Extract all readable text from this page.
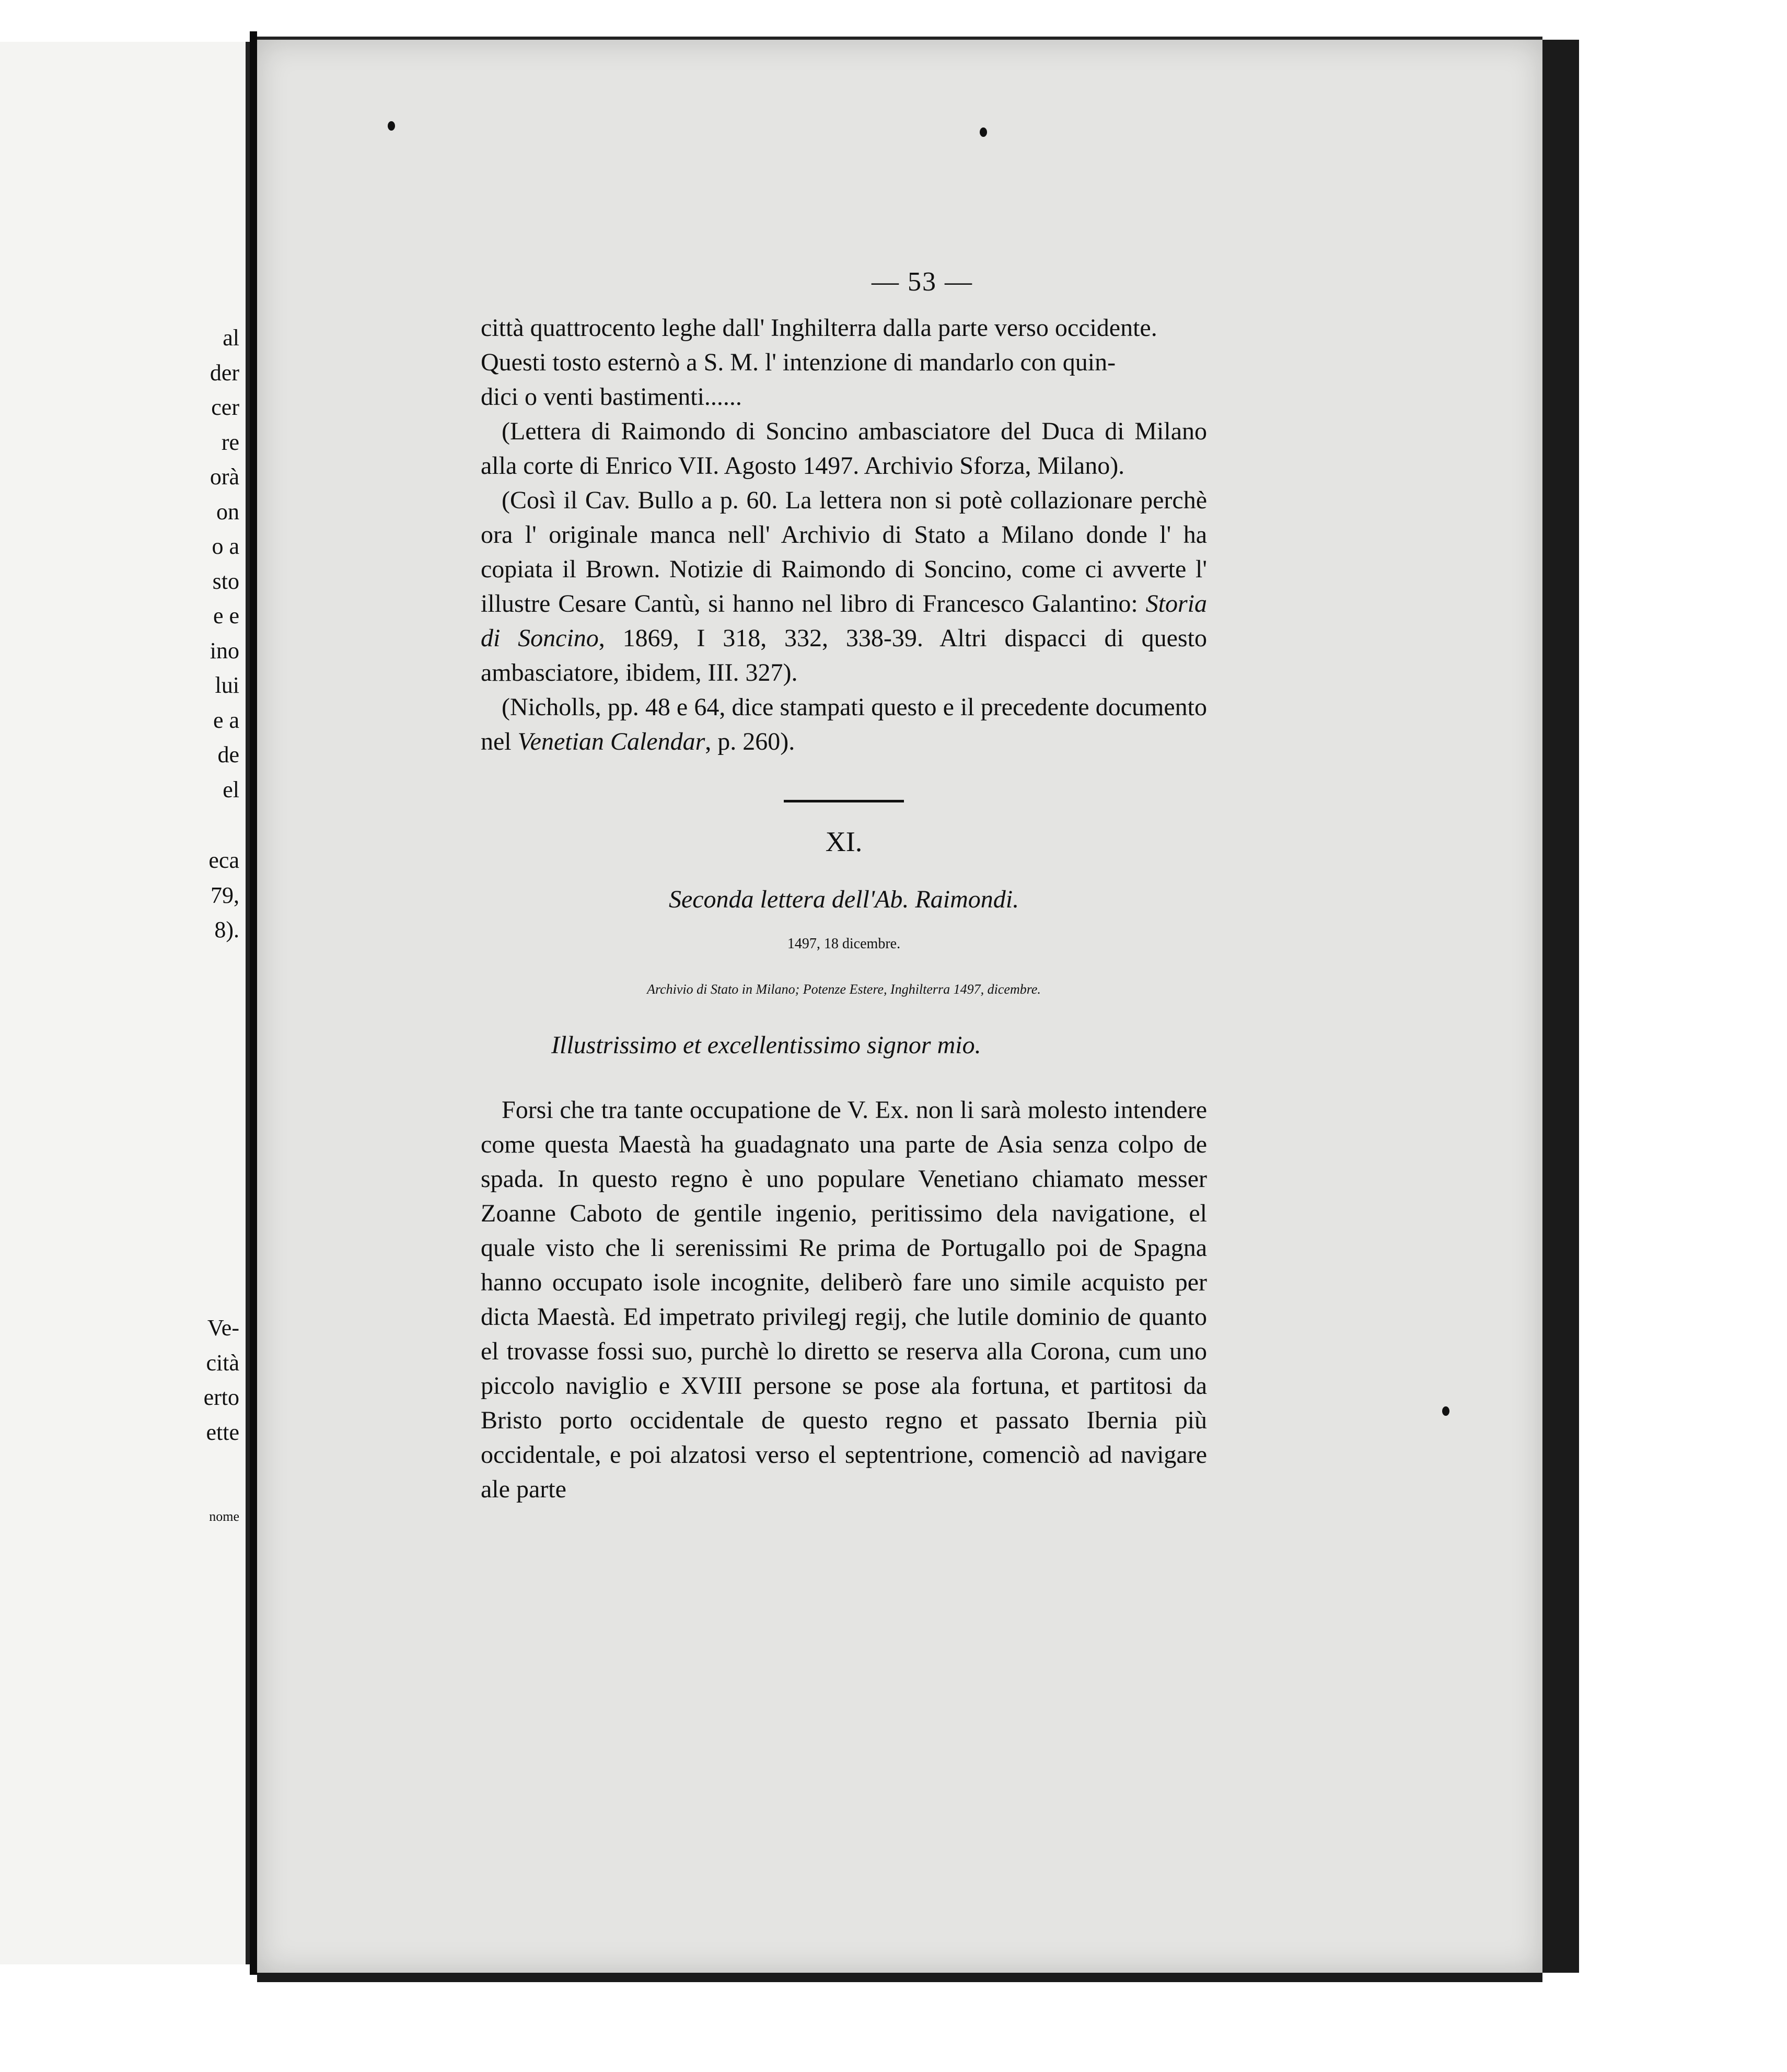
al
der
cer
re
orà
on
o a
sto
e e
ino
lui
e a
de
el
eca
79,
8).
Ve-
cità
erto
ette
nome
— 53 —

città quattrocento leghe dall' Inghilterra dalla parte verso occidente.

Questi tosto esternò a S. M. l' intenzione di mandarlo con quin-

dici o venti bastimenti......

(Lettera di Raimondo di Soncino ambasciatore del Duca di Milano alla corte di Enrico VII. Agosto 1497. Archivio Sforza, Milano).

(Così il Cav. Bullo a p. 60. La lettera non si potè collazionare perchè ora l' originale manca nell' Archivio di Stato a Milano donde l' ha copiata il Brown. Notizie di Raimondo di Soncino, come ci avverte l' illustre Cesare Cantù, si hanno nel libro di Francesco Galantino: Storia di Soncino, 1869, I 318, 332, 338-39. Altri dispacci di questo ambasciatore, ibidem, III. 327).

(Nicholls, pp. 48 e 64, dice stampati questo e il precedente documento nel Venetian Calendar, p. 260).

XI.
Seconda lettera dell'Ab. Raimondi.
1497, 18 dicembre.
Archivio di Stato in Milano; Potenze Estere, Inghilterra 1497, dicembre.
Illustrissimo et excellentissimo signor mio.

Forsi che tra tante occupatione de V. Ex. non li sarà molesto intendere come questa Maestà ha guadagnato una parte de Asia senza colpo de spada. In questo regno è uno populare Venetiano chiamato messer Zoanne Caboto de gentile ingenio, peritissimo dela navigatione, el quale visto che li serenissimi Re prima de Portugallo poi de Spagna hanno occupato isole incognite, deliberò fare uno simile acquisto per dicta Maestà. Ed impetrato privilegj regij, che lutile dominio de quanto el trovasse fossi suo, purchè lo diretto se reserva alla Corona, cum uno piccolo naviglio e XVIII persone se pose ala fortuna, et partitosi da Bristo porto occidentale de questo regno et passato Ibernia più occidentale, e poi alzatosi verso el septentrione, comenciò ad navigare ale parte
